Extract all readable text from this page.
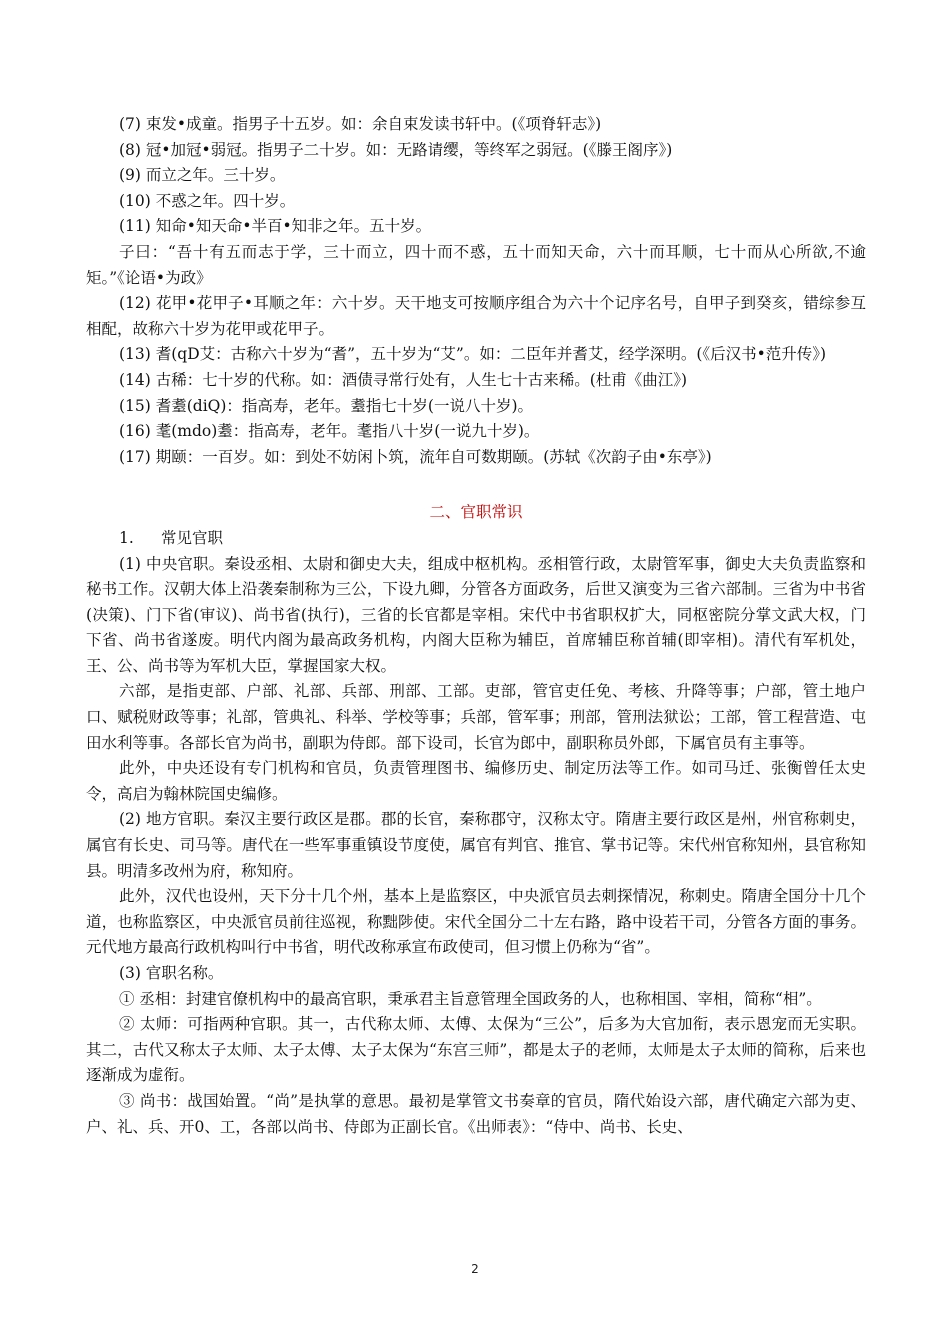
(7) 束发•成童。指男子十五岁。如：余自束发读书轩中。(《项脊轩志》)

(8) 冠•加冠•弱冠。指男子二十岁。如：无路请缨，等终军之弱冠。(《滕王阁序》)

(9) 而立之年。三十岁。

(10) 不惑之年。四十岁。

(11) 知命•知天命•半百•知非之年。五十岁。

子曰：“吾十有五而志于学，三十而立，四十而不惑，五十而知天命，六十而耳顺，七十而从心所欲,不逾矩。”《论语•为政》

(12) 花甲•花甲子•耳顺之年：六十岁。天干地支可按顺序组合为六十个记序名号，自甲子到癸亥，错综参互相配，故称六十岁为花甲或花甲子。

(13) 耆(qD艾：古称六十岁为“耆”，五十岁为“艾”。如：二臣年并耆艾，经学深明。(《后汉书•范升传》)

(14) 古稀：七十岁的代称。如：酒债寻常行处有，人生七十古来稀。(杜甫《曲江》)

(15) 耆耋(diQ)：指高寿，老年。耋指七十岁(一说八十岁)。

(16) 耄(mdo)耋：指高寿，老年。耄指八十岁(一说九十岁)。

(17) 期颐：一百岁。如：到处不妨闲卜筑，流年自可数期颐。(苏轼《次韵子由•东亭》)

二、官职常识

1. 常见官职

(1) 中央官职。秦设丞相、太尉和御史大夫，组成中枢机构。丞相管行政，太尉管军事，御史大夫负责监察和秘书工作。汉朝大体上沿袭秦制称为三公，下设九卿，分管各方面政务，后世又演变为三省六部制。三省为中书省(决策)、门下省(审议)、尚书省(执行)，三省的长官都是宰相。宋代中书省职权扩大，同枢密院分掌文武大权，门下省、尚书省遂废。明代内阁为最高政务机构，内阁大臣称为辅臣，首席辅臣称首辅(即宰相)。清代有军机处，王、公、尚书等为军机大臣，掌握国家大权。

六部，是指吏部、户部、礼部、兵部、刑部、工部。吏部，管官吏任免、考核、升降等事；户部，管土地户口、赋税财政等事；礼部，管典礼、科举、学校等事；兵部，管军事；刑部，管刑法狱讼；工部，管工程营造、屯田水利等事。各部长官为尚书，副职为侍郎。部下设司，长官为郎中，副职称员外郎，下属官员有主事等。

此外，中央还设有专门机构和官员，负责管理图书、编修历史、制定历法等工作。如司马迁、张衡曾任太史令，高启为翰林院国史编修。

(2) 地方官职。秦汉主要行政区是郡。郡的长官，秦称郡守，汉称太守。隋唐主要行政区是州，州官称刺史，属官有长史、司马等。唐代在一些军事重镇设节度使，属官有判官、推官、掌书记等。宋代州官称知州，县官称知县。明清多改州为府，称知府。

此外，汉代也设州，天下分十几个州，基本上是监察区，中央派官员去刺探情况，称刺史。隋唐全国分十几个道，也称监察区，中央派官员前往巡视，称黜陟使。宋代全国分二十左右路，路中设若干司，分管各方面的事务。元代地方最高行政机构叫行中书省，明代改称承宣布政使司，但习惯上仍称为“省”。

(3) 官职名称。

① 丞相：封建官僚机构中的最高官职，秉承君主旨意管理全国政务的人，也称相国、宰相，简称“相”。

② 太师：可指两种官职。其一，古代称太师、太傅、太保为“三公”，后多为大官加衔，表示恩宠而无实职。其二，古代又称太子太师、太子太傅、太子太保为“东宫三师”，都是太子的老师，太师是太子太师的简称，后来也逐渐成为虚衔。

③ 尚书：战国始置。“尚”是执掌的意思。最初是掌管文书奏章的官员，隋代始设六部，唐代确定六部为吏、户、礼、兵、开0、工，各部以尚书、侍郎为正副长官。《出师表》：“侍中、尚书、长史、

2
